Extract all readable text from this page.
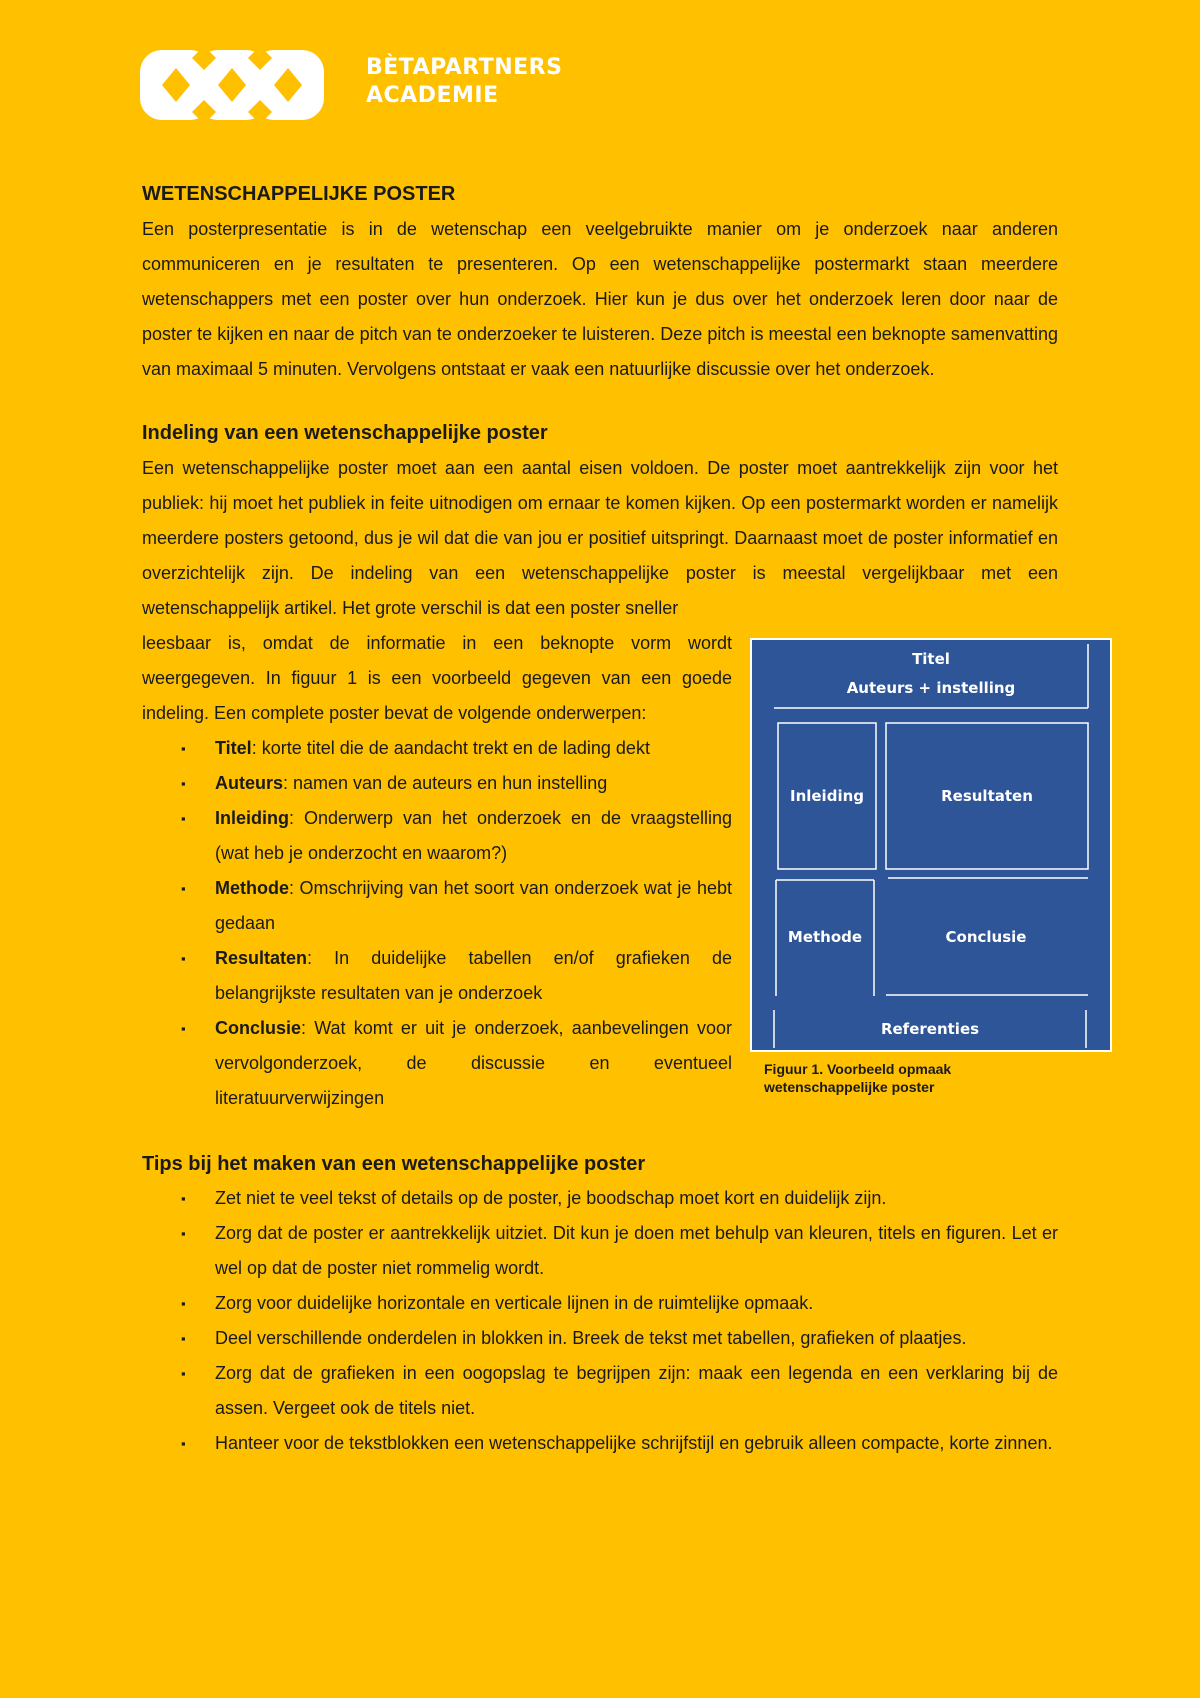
BÈTAPARTNERS
ACADEMIE
WETENSCHAPPELIJKE POSTER

Een posterpresentatie is in de wetenschap een veelgebruikte manier om je onderzoek naar anderen communiceren en je resultaten te presenteren. Op een wetenschappelijke postermarkt staan meerdere wetenschappers met een poster over hun onderzoek. Hier kun je dus over het onderzoek leren door naar de poster te kijken en naar de pitch van te onderzoeker te luisteren. Deze pitch is meestal een beknopte samenvatting van maximaal 5 minuten. Vervolgens ontstaat er vaak een natuurlijke discussie over het onderzoek.

Indeling van een wetenschappelijke poster

Een wetenschappelijke poster moet aan een aantal eisen voldoen. De poster moet aantrekkelijk zijn voor het publiek: hij moet het publiek in feite uitnodigen om ernaar te komen kijken. Op een postermarkt worden er namelijk meerdere posters getoond, dus je wil dat die van jou er positief uitspringt. Daarnaast moet de poster informatief en overzichtelijk zijn. De indeling van een wetenschappelijke poster is meestal vergelijkbaar met een wetenschappelijk artikel. Het grote verschil is dat een poster sneller

leesbaar is, omdat de informatie in een beknopte vorm wordt weergegeven. In figuur 1 is een voorbeeld gegeven van een goede indeling. Een complete poster bevat de volgende onderwerpen:

▪ Titel: korte titel die de aandacht trekt en de lading dekt
▪ Auteurs: namen van de auteurs en hun instelling
▪ Inleiding: Onderwerp van het onderzoek en de vraagstelling (wat heb je onderzocht en waarom?)
▪ Methode: Omschrijving van het soort van onderzoek wat je hebt gedaan
▪ Resultaten: In duidelijke tabellen en/of grafieken de belangrijkste resultaten van je onderzoek
▪ Conclusie: Wat komt er uit je onderzoek, aanbevelingen voor vervolgonderzoek, de discussie en eventueel literatuurverwijzingen
Titel
Auteurs + instelling
Inleiding	Resultaten
Methode	Conclusie
Referenties
Figuur 1. Voorbeeld opmaak wetenschappelijke poster
Tips bij het maken van een wetenschappelijke poster
▪ Zet niet te veel tekst of details op de poster, je boodschap moet kort en duidelijk zijn.
▪ Zorg dat de poster er aantrekkelijk uitziet. Dit kun je doen met behulp van kleuren, titels en figuren. Let er wel op dat de poster niet rommelig wordt.
▪ Zorg voor duidelijke horizontale en verticale lijnen in de ruimtelijke opmaak.
▪ Deel verschillende onderdelen in blokken in. Breek de tekst met tabellen, grafieken of plaatjes.
▪ Zorg dat de grafieken in een oogopslag te begrijpen zijn: maak een legenda en een verklaring bij de assen. Vergeet ook de titels niet.
▪ Hanteer voor de tekstblokken een wetenschappelijke schrijfstijl en gebruik alleen compacte, korte zinnen.
